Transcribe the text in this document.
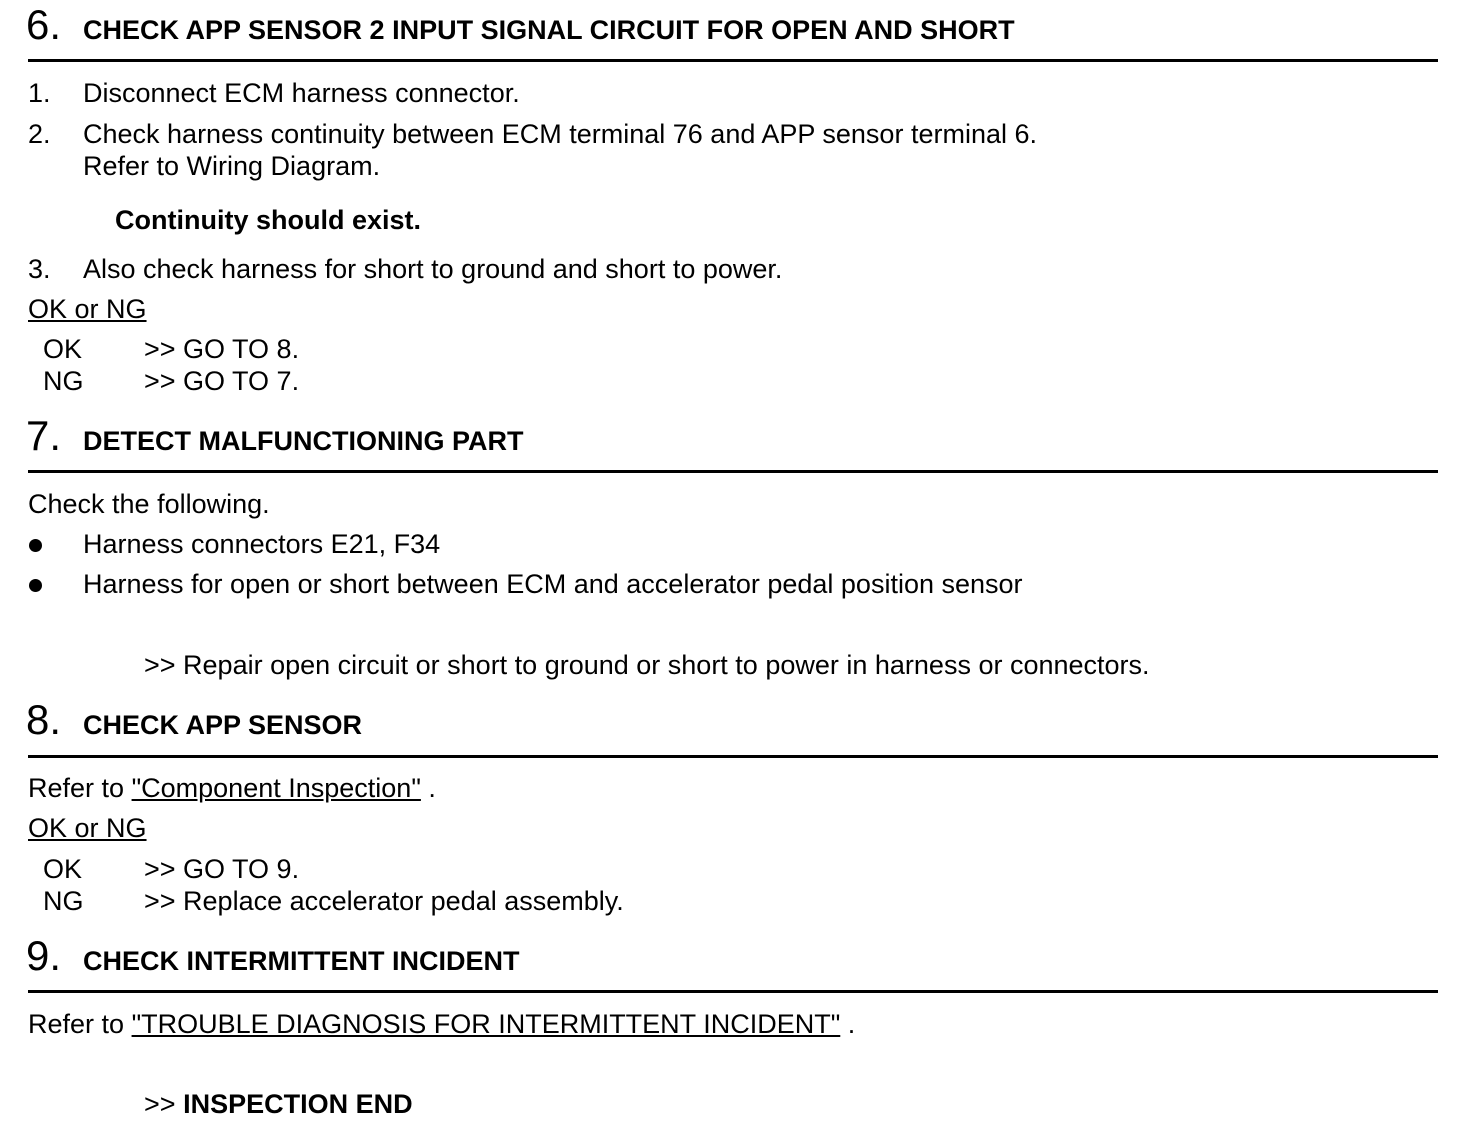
6. CHECK APP SENSOR 2 INPUT SIGNAL CIRCUIT FOR OPEN AND SHORT
1. Disconnect ECM harness connector.
2. Check harness continuity between ECM terminal 76 and APP sensor terminal 6.
Refer to Wiring Diagram.
Continuity should exist.
3. Also check harness for short to ground and short to power.
OK or NG
OK >> GO TO 8.
NG >> GO TO 7.
7. DETECT MALFUNCTIONING PART
Check the following.
Harness connectors E21, F34
Harness for open or short between ECM and accelerator pedal position sensor
>> Repair open circuit or short to ground or short to power in harness or connectors.
8. CHECK APP SENSOR
Refer to "Component Inspection" .
OK or NG
OK >> GO TO 9.
NG >> Replace accelerator pedal assembly.
9. CHECK INTERMITTENT INCIDENT
Refer to "TROUBLE DIAGNOSIS FOR INTERMITTENT INCIDENT" .
>> INSPECTION END
